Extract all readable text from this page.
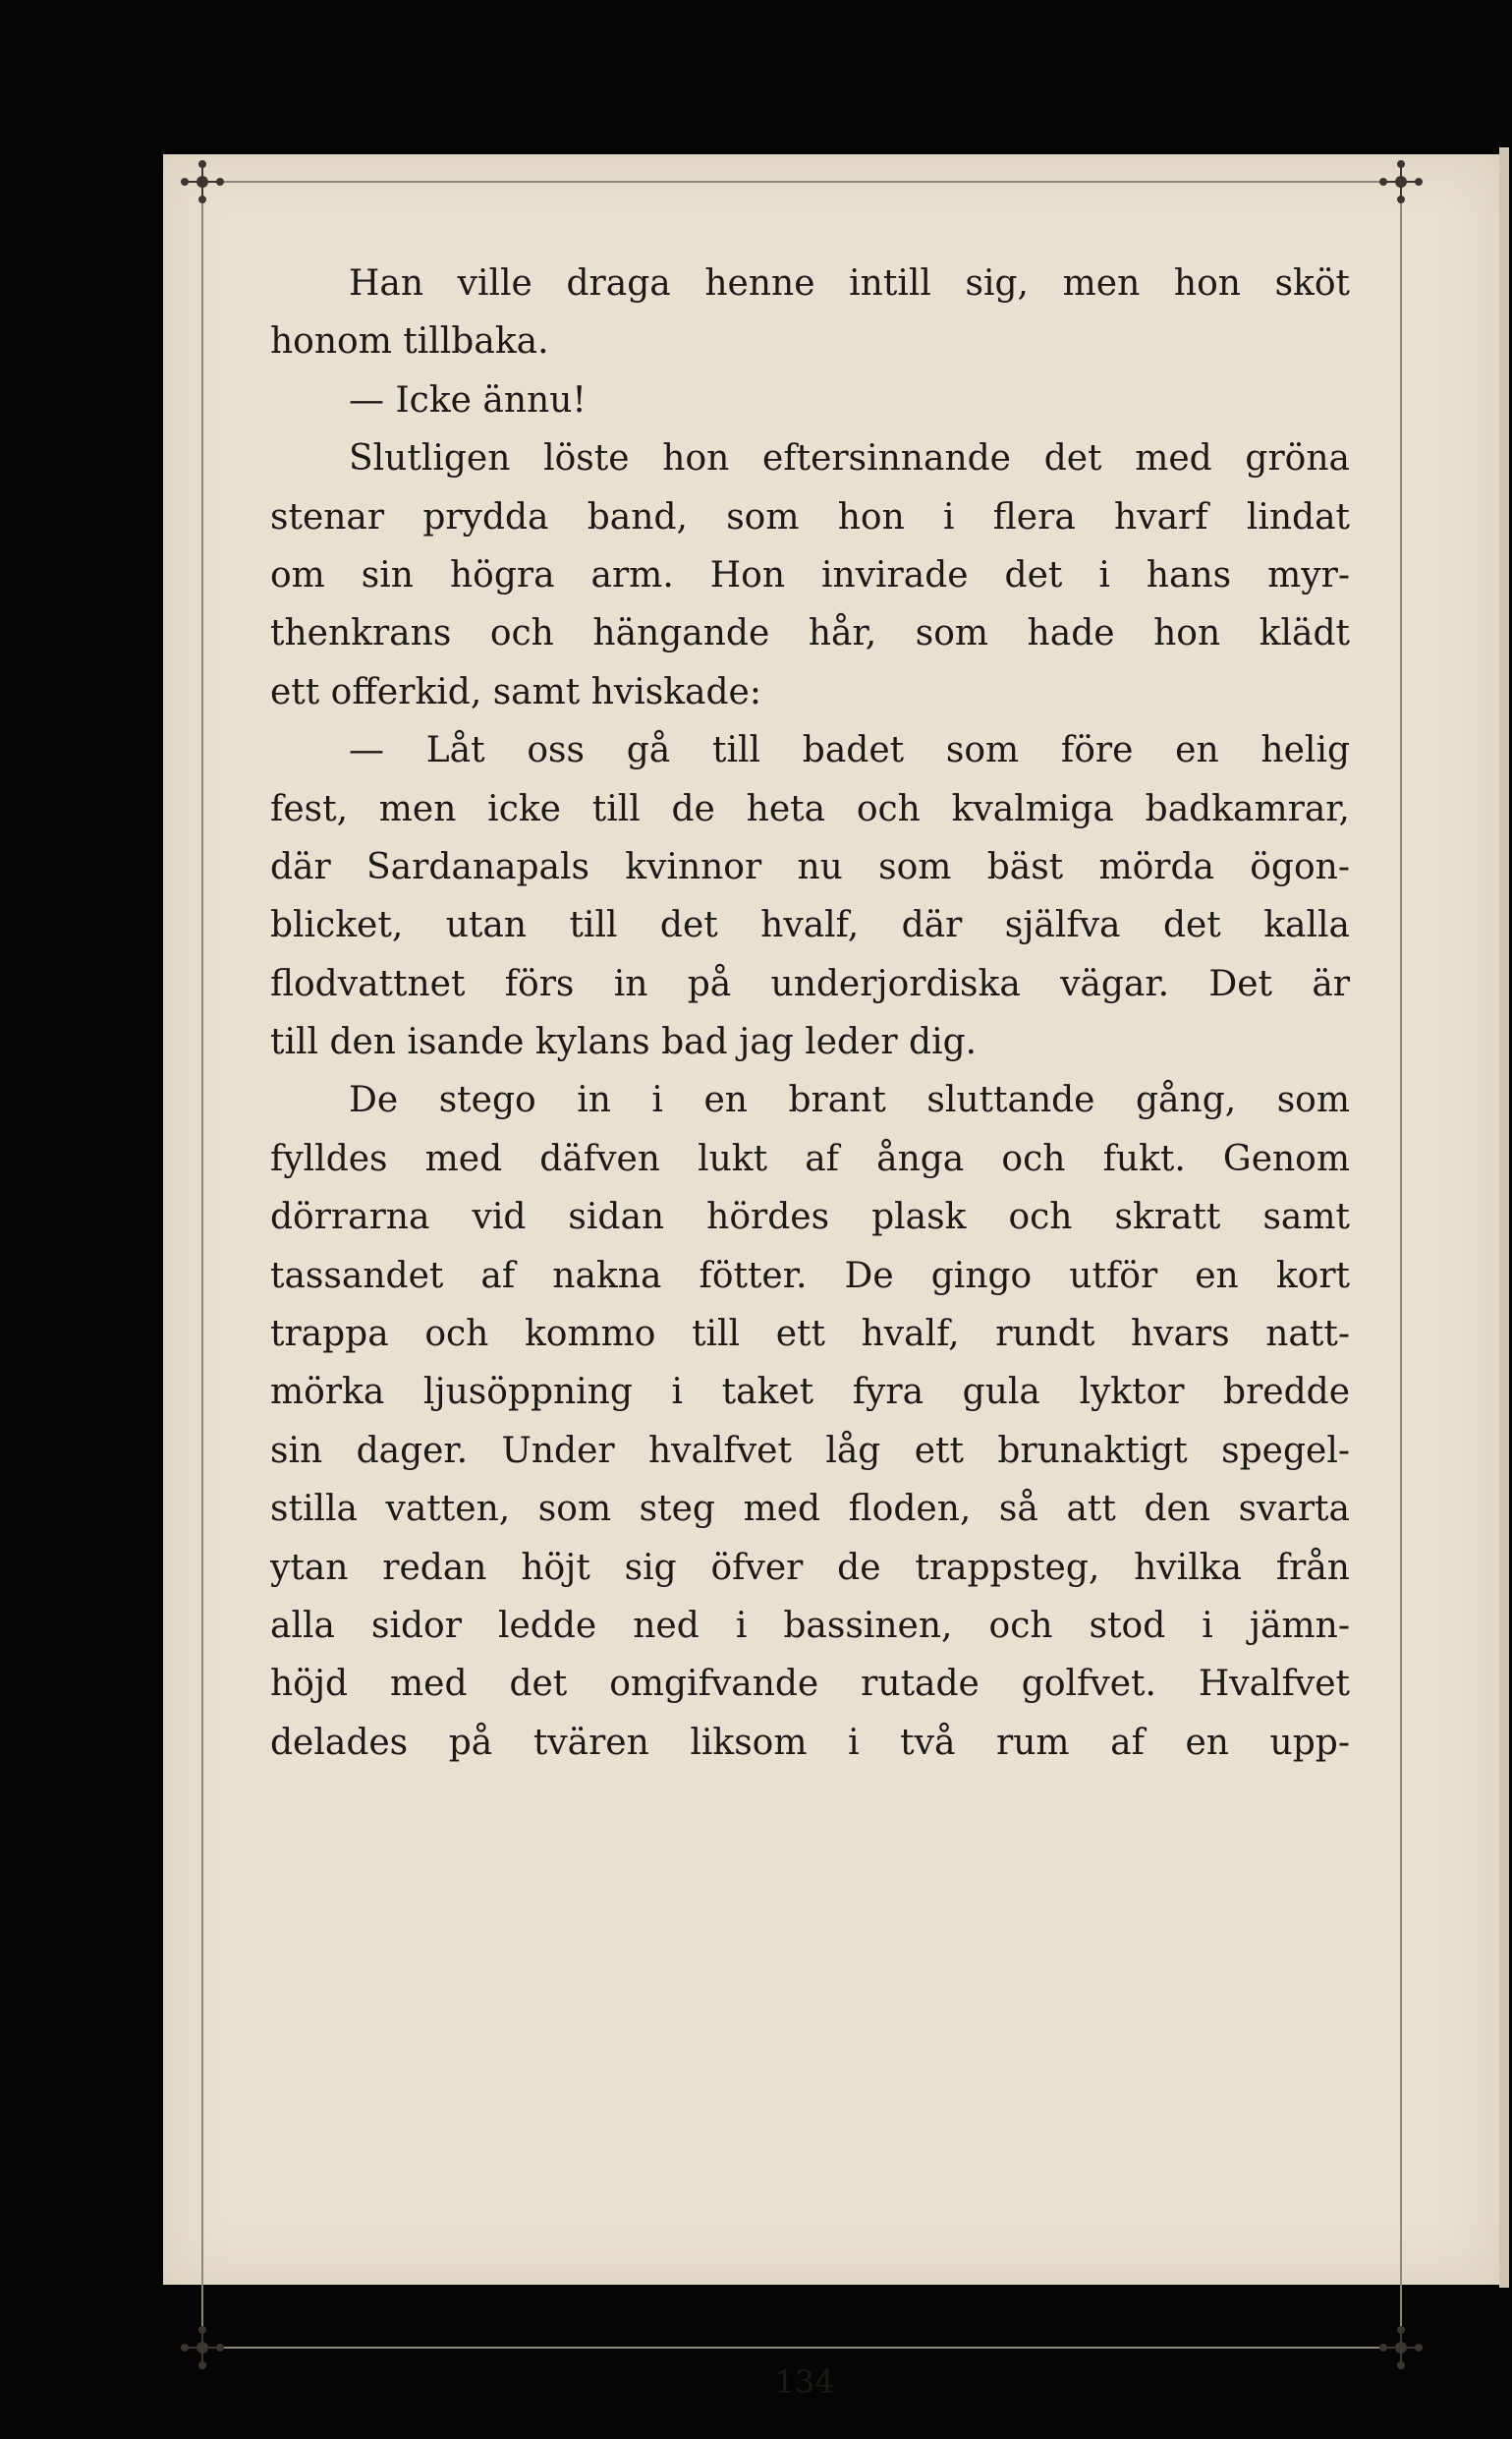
Han ville draga henne intill sig, men hon sköt
honom tillbaka.
— Icke ännu!
Slutligen löste hon eftersinnande det med gröna
stenar prydda band, som hon i flera hvarf lindat
om sin högra arm. Hon invirade det i hans myr-
thenkrans och hängande hår, som hade hon klädt
ett offerkid, samt hviskade:
— Låt oss gå till badet som före en helig
fest, men icke till de heta och kvalmiga badkamrar,
där Sardanapals kvinnor nu som bäst mörda ögon-
blicket, utan till det hvalf, där själfva det kalla
flodvattnet förs in på underjordiska vägar. Det är
till den isande kylans bad jag leder dig.
De stego in i en brant sluttande gång, som
fylldes med däfven lukt af ånga och fukt. Genom
dörrarna vid sidan hördes plask och skratt samt
tassandet af nakna fötter. De gingo utför en kort
trappa och kommo till ett hvalf, rundt hvars natt-
mörka ljusöppning i taket fyra gula lyktor bredde
sin dager. Under hvalfvet låg ett brunaktigt spegel-
stilla vatten, som steg med floden, så att den svarta
ytan redan höjt sig öfver de trappsteg, hvilka från
alla sidor ledde ned i bassinen, och stod i jämn-
höjd med det omgifvande rutade golfvet. Hvalfvet
delades på tvären liksom i två rum af en upp-
134
